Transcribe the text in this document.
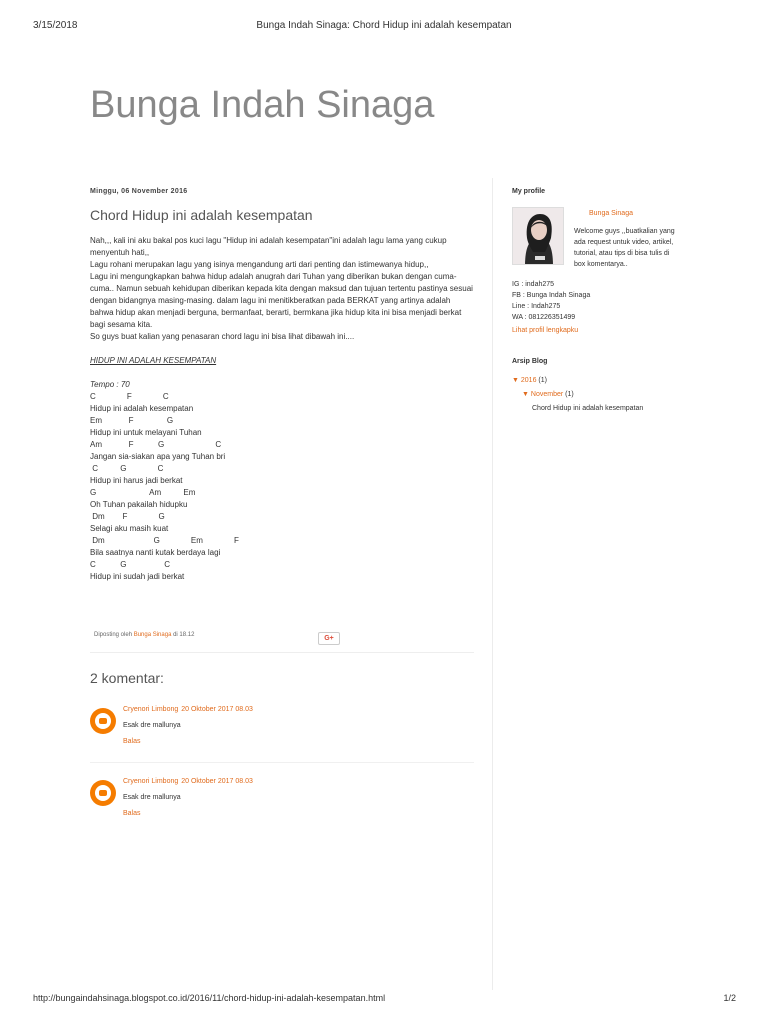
3/15/2018	Bunga Indah Sinaga: Chord Hidup ini adalah kesempatan
Bunga Indah Sinaga
Minggu, 06 November 2016
Chord Hidup ini adalah kesempatan

Nah,,, kali ini aku bakal pos kuci lagu "Hidup ini adalah kesempatan"ini adalah lagu lama yang cukup menyentuh hati,,

Lagu rohani merupakan lagu yang isinya mengandung arti dari penting dan istimewanya hidup,,

Lagu ini mengungkapkan bahwa hidup adalah anugrah dari Tuhan yang diberikan bukan dengan cuma-cuma.. Namun sebuah kehidupan diberikan kepada kita dengan maksud dan tujuan tertentu pastinya sesuai dengan bidangnya masing-masing. dalam lagu ini menitikberatkan pada BERKAT yang artinya adalah bahwa hidup akan menjadi berguna, bermanfaat, berarti, bermkana jika hidup kita ini bisa menjadi berkat bagi sesama kita.

So guys buat kalian yang penasaran chord lagu ini bisa lihat dibawah ini....

HIDUP INI ADALAH KESEMPATAN

Tempo : 70

C              F              C

Hidup ini adalah kesempatan

Em            F               G

Hidup ini untuk melayani Tuhan

Am            F           G                       C

Jangan sia-siakan apa yang Tuhan bri

C          G              C

Hidup ini harus jadi berkat

G                        Am          Em

Oh Tuhan pakailah hidupku

Dm        F              G

Selagi aku masih kuat

Dm                      G              Em              F

Bila saatnya nanti kutak berdaya lagi

C           G                 C

Hidup ini sudah jadi berkat

Diposting oleh Bunga Sinaga di 18.12	G+
2 komentar:
Cryenori Limbong 20 Oktober 2017 08.03
Esak dre mallunya
Balas
Cryenori Limbong 20 Oktober 2017 08.03
Esak dre mallunya
Balas
My profile
Bunga Sinaga
Welcome guys ,,buatkalian yang ada request untuk video, artikel, tutorial, atau tips di bisa tulis di box komentarya..
IG : indah275
FB : Bunga Indah Sinaga
Line : Indah275
WA : 081226351499
Lihat profil lengkapku
Arsip Blog
▼ 2016 (1)
▼ November (1)
Chord Hidup ini adalah kesempatan
http://bungaindahsinaga.blogspot.co.id/2016/11/chord-hidup-ini-adalah-kesempatan.html	1/2
